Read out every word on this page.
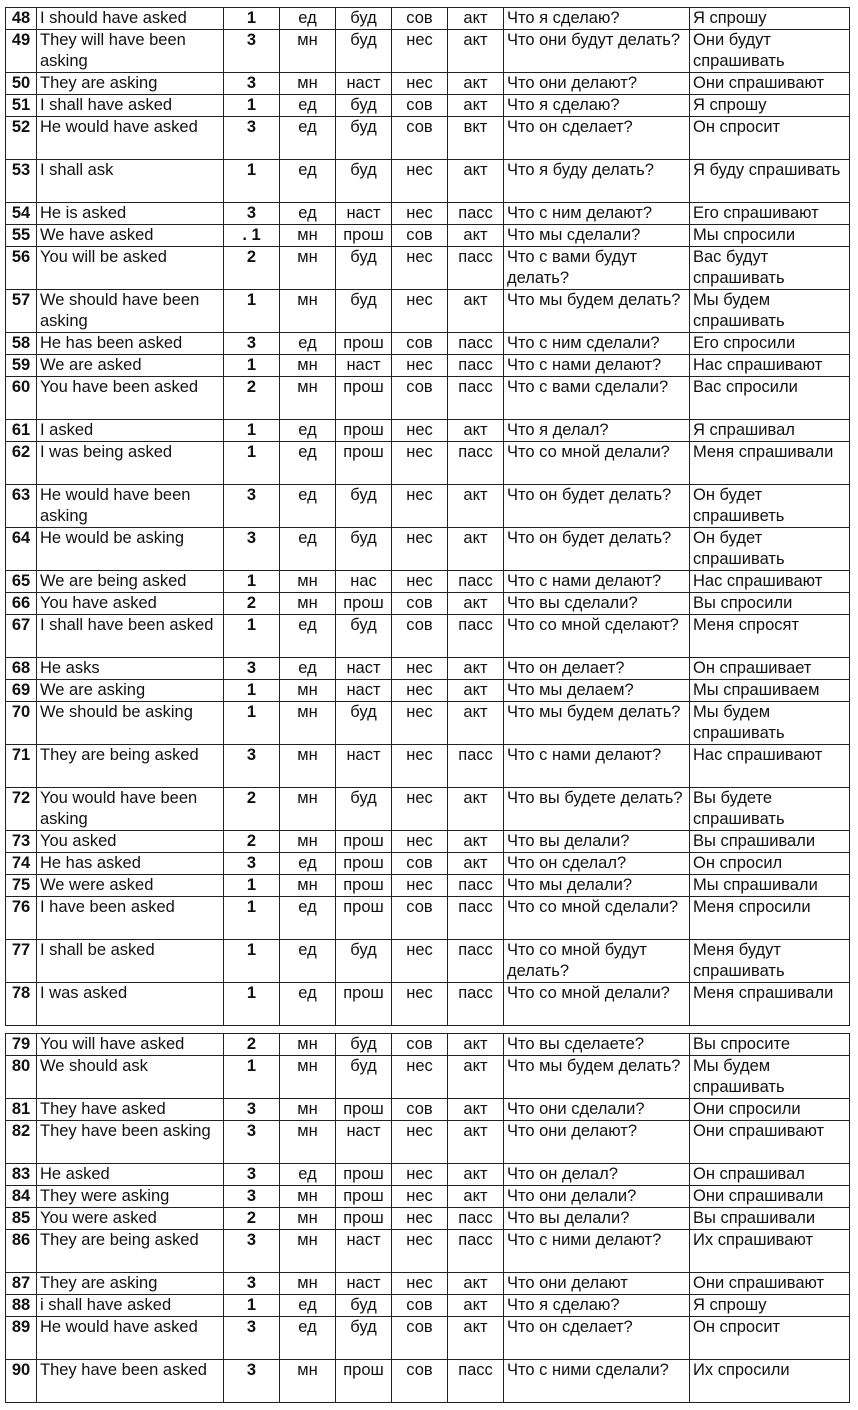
48	I should have asked	1	ед	буд	сов	акт	Что я сделаю?	Я спрошу
49	They will have been asking	3	мн	буд	нес	акт	Что они будут делать?	Они будут спрашивать
50	They are asking	3	мн	наст	нес	акт	Что они делают?	Они спрашивают
51	I shall have asked	1	ед	буд	сов	акт	Что я сделаю?	Я спрошу
52	He would have asked	3	ед	буд	сов	вкт	Что он сделает?	Он спросит
53	I shall ask	1	ед	буд	нес	акт	Что я буду делать?	Я буду спрашивать
54	He is asked	3	ед	наст	нес	пасс	Что с ним делают?	Его спрашивают
55	We have asked	. 1	мн	прош	сов	акт	Что мы сделали?	Мы спросили
56	You will be asked	2	мн	буд	нес	пасс	Что с вами будут делать?	Вас будут спрашивать
57	We should have been asking	1	мн	буд	нес	акт	Что мы будем делать?	Мы будем спрашивать
58	He has been asked	3	ед	прош	сов	пасс	Что с ним сделали?	Его спросили
59	We are asked	1	мн	наст	нес	пасс	Что с нами делают?	Нас спрашивают
60	You have been asked	2	мн	прош	сов	пасс	Что с вами сделали?	Вас спросили
61	I asked	1	ед	прош	нес	акт	Что я делал?	Я спрашивал
62	I was being asked	1	ед	прош	нес	пасс	Что со мной делали?	Меня спрашивали
63	He would have been asking	3	ед	буд	нес	акт	Что он будет делать?	Он будет спрашиветь
64	He would be asking	3	ед	буд	нес	акт	Что он будет делать?	Он будет спрашивать
65	We are being asked	1	мн	нас	нес	пасс	Что с нами делают?	Нас спрашивают
66	You have asked	2	мн	прош	сов	акт	Что вы сделали?	Вы спросили
67	I shall have been asked	1	ед	буд	сов	пасс	Что со мной сделают?	Меня спросят
68	He asks	3	ед	наст	нес	акт	Что он делает?	Он спрашивает
69	We are asking	1	мн	наст	нес	акт	Что мы делаем?	Мы спрашиваем
70	We should be asking	1	мн	буд	нес	акт	Что мы будем делать?	Мы будем спрашивать
71	They are being asked	3	мн	наст	нес	пасс	Что с нами делают?	Нас спрашивают
72	You would have been asking	2	мн	буд	нес	акт	Что вы будете делать?	Вы будете спрашивать
73	You asked	2	мн	прош	нес	акт	Что вы делали?	Вы спрашивали
74	He has asked	3	ед	прош	сов	акт	Что он сделал?	Он спросил
75	We were asked	1	мн	прош	нес	пасс	Что мы делали?	Мы спрашивали
76	I have been asked	1	ед	прош	сов	пасс	Что со мной сделали?	Меня спросили
77	I shall be asked	1	ед	буд	нес	пасс	Что со мной будут делать?	Меня будут спрашивать
78	I was asked	1	ед	прош	нес	пасс	Что со мной делали?	Меня спрашивали
79	You will have asked	2	мн	буд	сов	акт	Что вы сделаете?	Вы спросите
80	We should ask	1	мн	буд	нес	акт	Что мы будем делать?	Мы будем спрашивать
81	They have asked	3	мн	прош	сов	акт	Что они сделали?	Они спросили
82	They have been asking	3	мн	наст	нес	акт	Что они делают?	Они спрашивают
83	He asked	3	ед	прош	нес	акт	Что он делал?	Он спрашивал
84	They were asking	3	мн	прош	нес	акт	Что они делали?	Они спрашивали
85	You were asked	2	мн	прош	нес	пасс	Что вы делали?	Вы спрашивали
86	They are being asked	3	мн	наст	нес	пасс	Что с ними делают?	Их спрашивают
87	They are asking	3	мн	наст	нес	акт	Что они делают	Они спрашивают
88	i shall have asked	1	ед	буд	сов	акт	Что я сделаю?	Я спрошу
89	He would have asked	3	ед	буд	сов	акт	Что он сделает?	Он спросит
90	They have been asked	3	мн	прош	сов	пасс	Что с ними сделали?	Их спросили
